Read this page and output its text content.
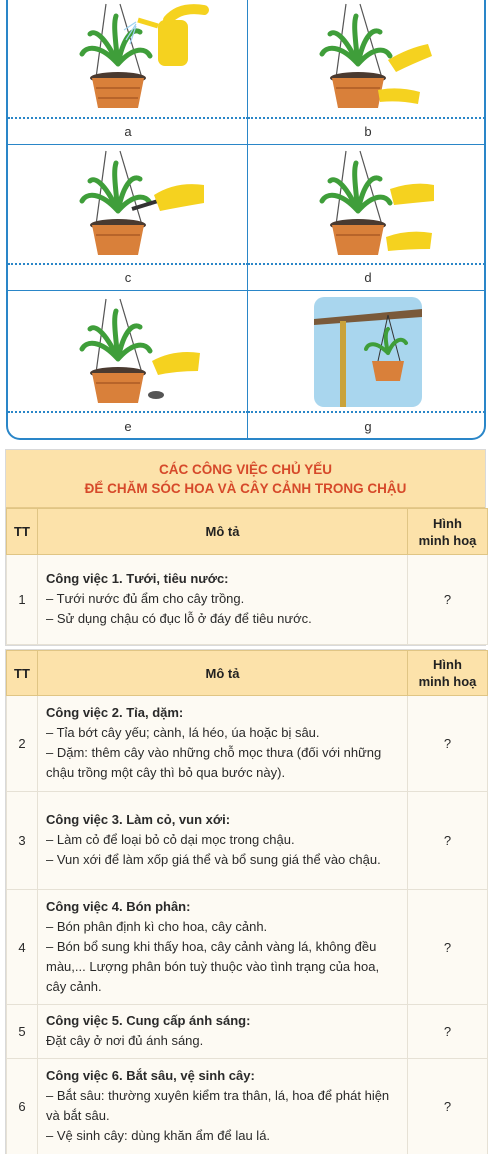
a	b
c	d
e	g
CÁC CÔNG VIỆC CHỦ YẾU
ĐỂ CHĂM SÓC HOA VÀ CÂY CẢNH TRONG CHẬU
TT	Mô tả	Hình
minh hoạ

1	Công việc 1. Tưới, tiêu nước:
– Tưới nước đủ ẩm cho cây trồng.
– Sử dụng chậu có đục lỗ ở đáy để tiêu nước.	?
TT	Mô tả	Hình
minh hoạ

2	Công việc 2. Tỉa, dặm:
– Tỉa bớt cây yếu; cành, lá héo, úa hoặc bị sâu.
– Dặm: thêm cây vào những chỗ mọc thưa (đối với những chậu trồng một cây thì bỏ qua bước này).	?
3	Công việc 3. Làm cỏ, vun xới:
– Làm cỏ để loại bỏ cỏ dại mọc trong chậu.
– Vun xới để làm xốp giá thể và bổ sung giá thể vào chậu.	?
4	Công việc 4. Bón phân:
– Bón phân định kì cho hoa, cây cảnh.
– Bón bổ sung khi thấy hoa, cây cảnh vàng lá, không đều màu,... Lượng phân bón tuỳ thuộc vào tình trạng của hoa, cây cảnh.	?
5	Công việc 5. Cung cấp ánh sáng:
Đặt cây ở nơi đủ ánh sáng.	?
6	Công việc 6. Bắt sâu, vệ sinh cây:
– Bắt sâu: thường xuyên kiểm tra thân, lá, hoa để phát hiện và bắt sâu.
– Vệ sinh cây: dùng khăn ẩm để lau lá.	?
